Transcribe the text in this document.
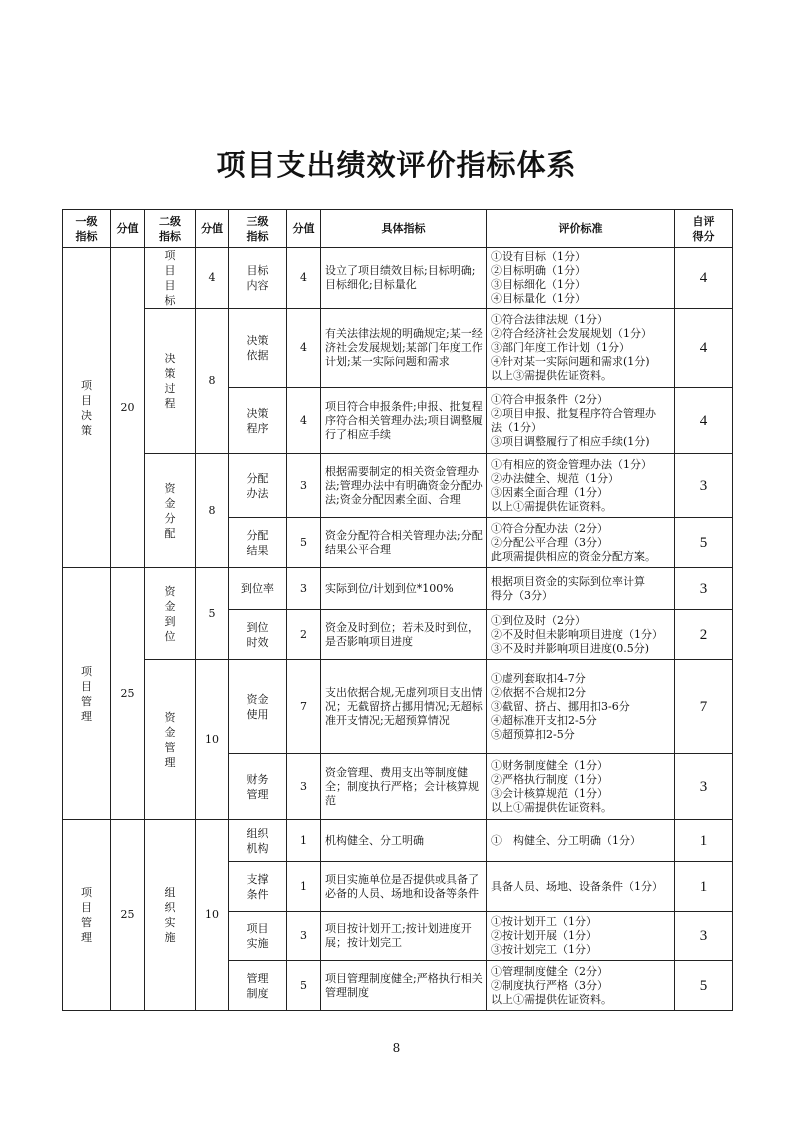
项目支出绩效评价指标体系
一级指标	分值	二级指标	分值	三级指标	分值	具体指标	评价标准	自评得分
项目决策	20	项目目标	4	目标内容	4	设立了项目绩效目标;目标明确;目标细化;目标量化	①设有目标（1分）
②目标明确（1分）
③目标细化（1分）
④目标量化（1分）	4
		决策过程	8	决策依据	4	有关法律法规的明确规定;某一经济社会发展规划;某部门年度工作计划;某一实际问题和需求	①符合法律法规（1分）
②符合经济社会发展规划（1分）
③部门年度工作计划（1分）
④针对某一实际问题和需求(1分)
以上③需提供佐证资料。	4
				决策程序	4	项目符合申报条件;申报、批复程序符合相关管理办法;项目调整履行了相应手续	①符合申报条件（2分）
②项目申报、批复程序符合管理办
法（1分）
③项目调整履行了相应手续(1分)	4
		资金分配	8	分配办法	3	根据需要制定的相关资金管理办法;管理办法中有明确资金分配办法;资金分配因素全面、合理	①有相应的资金管理办法（1分）
②办法健全、规范（1分）
③因素全面合理（1分）
以上①需提供佐证资料。	3
				分配结果	5	资金分配符合相关管理办法;分配结果公平合理	①符合分配办法（2分）
②分配公平合理（3分）
此项需提供相应的资金分配方案。	5
项目管理	25	资金到位	5	到位率	3	实际到位/计划到位*100%	根据项目资金的实际到位率计算
得分（3分）	3
				到位时效	2	资金及时到位；若未及时到位，是否影响项目进度	①到位及时（2分）
②不及时但未影响项目进度（1分）
③不及时并影响项目进度(0.5分)	2
		资金管理	10	资金使用	7	支出依据合规,无虚列项目支出情况；无截留挤占挪用情况;无超标准开支情况;无超预算情况	①虚列套取扣4-7分
②依据不合规扣2分
③截留、挤占、挪用扣3-6分
④超标准开支扣2-5分
⑤超预算扣2-5分	7
				财务管理	3	资金管理、费用支出等制度健全；制度执行严格；会计核算规范	①财务制度健全（1分）
②严格执行制度（1分）
③会计核算规范（1分）
以上①需提供佐证资料。	3
项目管理	25	组织实施	10	组织机构	1	机构健全、分工明确	①　构健全、分工明确（1分）	1
				支撑条件	1	项目实施单位是否提供或具备了必备的人员、场地和设备等条件	具备人员、场地、设备条件（1分）	1
				项目实施	3	项目按计划开工;按计划进度开展；按计划完工	①按计划开工（1分）
②按计划开展（1分）
③按计划完工（1分）	3
				管理制度	5	项目管理制度健全;严格执行相关管理制度	①管理制度健全（2分）
②制度执行严格（3分）
以上①需提供佐证资料。	5
8
